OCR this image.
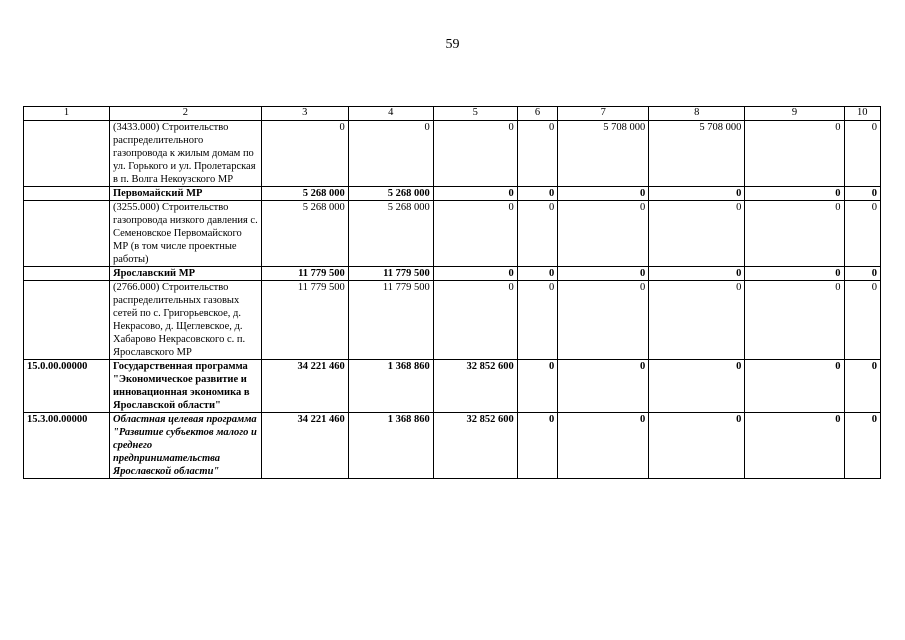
59
1	2	3	4	5	6	7	8	9	10
	(3433.000) Строительство распределительного газопровода к жилым домам по ул. Горького и ул. Пролетарская в п. Волга Некоузского МР	0	0	0	0	5 708 000	5 708 000	0	0
	Первомайский МР	5 268 000	5 268 000	0	0	0	0	0	0
	(3255.000) Строительство газопровода низкого давления с. Семеновское Первомайского МР (в том числе проектные работы)	5 268 000	5 268 000	0	0	0	0	0	0
	Ярославский МР	11 779 500	11 779 500	0	0	0	0	0	0
	(2766.000) Строительство распределительных газовых сетей по с. Григорьевское, д. Некрасово, д. Щеглевское, д. Хабарово Некрасовского с. п. Ярославского МР	11 779 500	11 779 500	0	0	0	0	0	0
15.0.00.00000	Государственная программа "Экономическое развитие и инновационная экономика в Ярославской области"	34 221 460	1 368 860	32 852 600	0	0	0	0	0
15.3.00.00000	Областная целевая программа "Развитие субъектов малого и среднего предпринимательства Ярославской области"	34 221 460	1 368 860	32 852 600	0	0	0	0	0
